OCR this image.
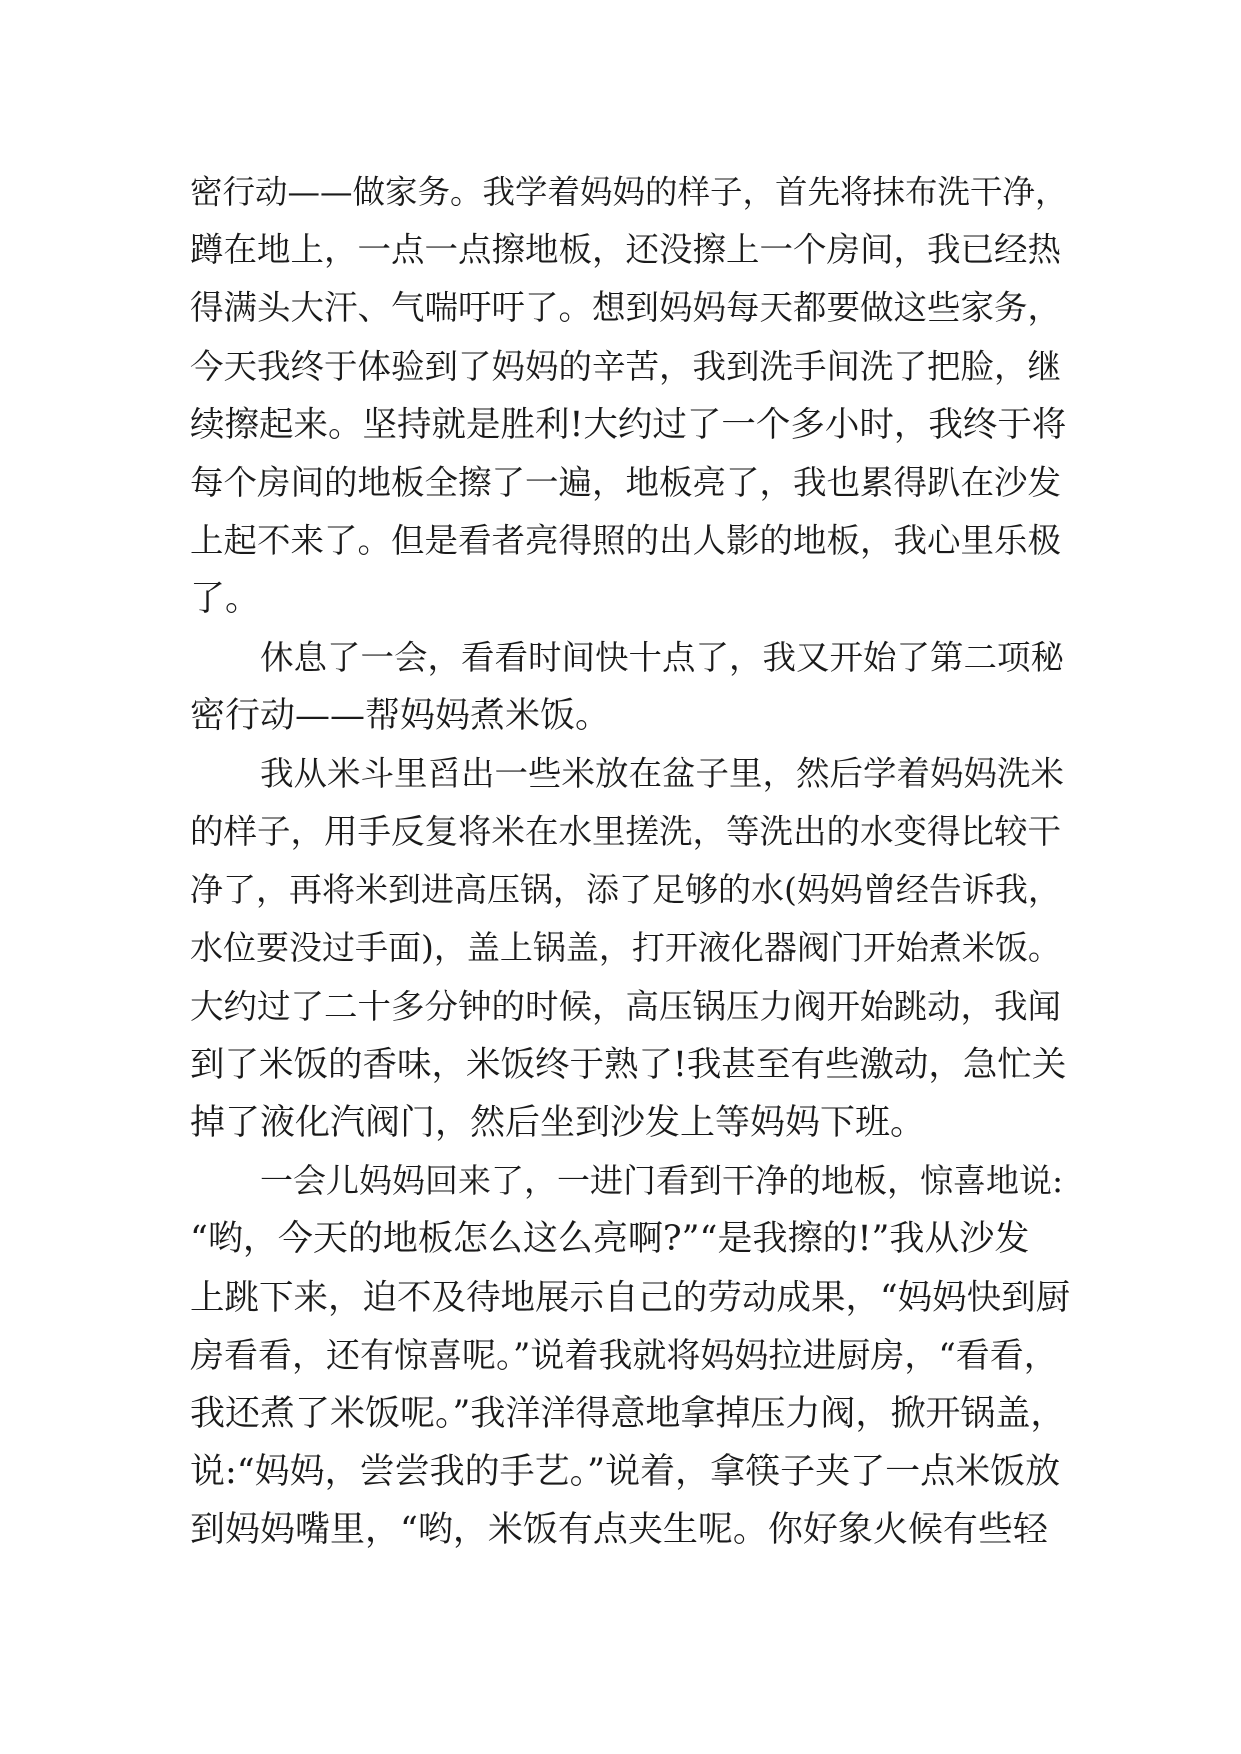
密行动——做家务。我学着妈妈的样子，首先将抹布洗干净，
蹲在地上，一点一点擦地板，还没擦上一个房间，我已经热
得满头大汗、气喘吁吁了。想到妈妈每天都要做这些家务，
今天我终于体验到了妈妈的辛苦，我到洗手间洗了把脸，继
续擦起来。坚持就是胜利!大约过了一个多小时，我终于将
每个房间的地板全擦了一遍，地板亮了，我也累得趴在沙发
上起不来了。但是看者亮得照的出人影的地板，我心里乐极
了。
休息了一会，看看时间快十点了，我又开始了第二项秘
密行动——帮妈妈煮米饭。
我从米斗里舀出一些米放在盆子里，然后学着妈妈洗米
的样子，用手反复将米在水里搓洗，等洗出的水变得比较干
净了，再将米到进高压锅，添了足够的水(妈妈曾经告诉我，
水位要没过手面)，盖上锅盖，打开液化器阀门开始煮米饭。
大约过了二十多分钟的时候，高压锅压力阀开始跳动，我闻
到了米饭的香味，米饭终于熟了!我甚至有些激动，急忙关
掉了液化汽阀门，然后坐到沙发上等妈妈下班。
一会儿妈妈回来了，一进门看到干净的地板，惊喜地说:
“哟，今天的地板怎么这么亮啊?”“是我擦的!”我从沙发
上跳下来，迫不及待地展示自己的劳动成果，“妈妈快到厨
房看看，还有惊喜呢。”说着我就将妈妈拉进厨房，“看看，
我还煮了米饭呢。”我洋洋得意地拿掉压力阀，掀开锅盖，
说:“妈妈，尝尝我的手艺。”说着，拿筷子夹了一点米饭放
到妈妈嘴里，“哟，米饭有点夹生呢。你好象火候有些轻
